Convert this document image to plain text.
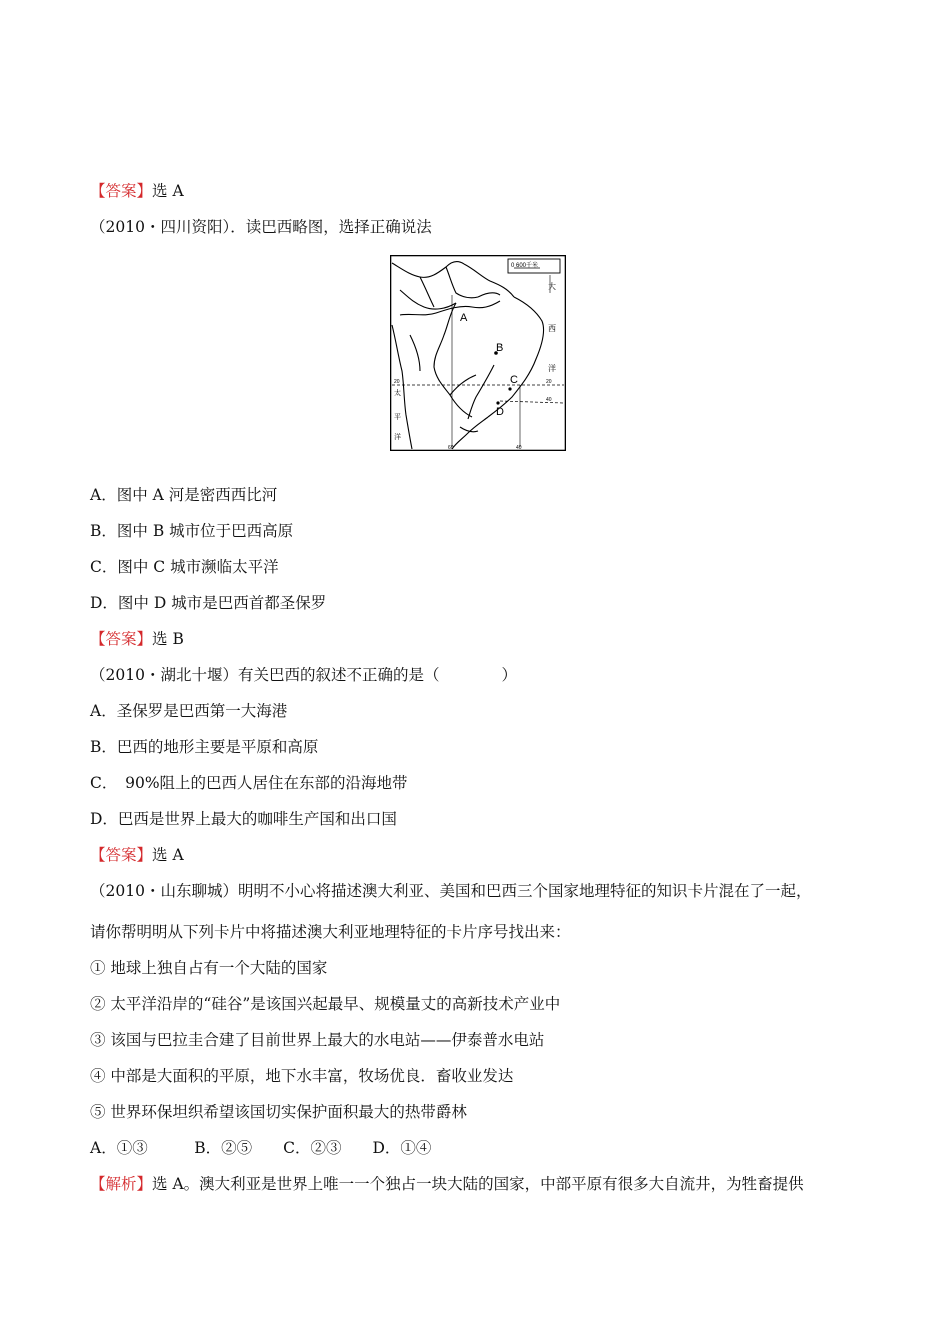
【答案】选 A
（2010・四川资阳）．读巴西略图，选择正确说法
0 600千米
A
B
C
D
大
西
洋
20	20
40
60	40
太
平
洋
A．图中 A 河是密西西比河
B．图中 B 城市位于巴西高原
C．图中 C 城市濒临太平洋
D．图中 D 城市是巴西首都圣保罗
【答案】选 B
（2010・湖北十堰）有关巴西的叙述不正确的是（　　　　）
A．圣保罗是巴西第一大海港
B．巴西的地形主要是平原和高原
C．　90%阻上的巴西人居住在东部的沿海地带
D．巴西是世界上最大的咖啡生产国和出口国
【答案】选 A
（2010・山东聊城）明明不小心将描述澳大利亚、美国和巴西三个国家地理特征的知识卡片混在了一起，
请你帮明明从下列卡片中将描述澳大利亚地理特征的卡片序号找出来：
① 地球上独自占有一个大陆的国家
② 太平洋沿岸的“硅谷”是该国兴起最早、规模量丈的高新技术产业中
③ 该国与巴拉圭合建了目前世界上最大的水电站——伊泰普水电站
④ 中部是大面积的平原，地下水丰富，牧场优良．畜收业发达
⑤ 世界环保坦织希望该国切实保护面积最大的热带爵林
A．①③　　　B．②⑤　　C．②③　　D．①④
【解析】选 A。澳大利亚是世界上唯一一个独占一块大陆的国家，中部平原有很多大自流井，为牲畜提供
